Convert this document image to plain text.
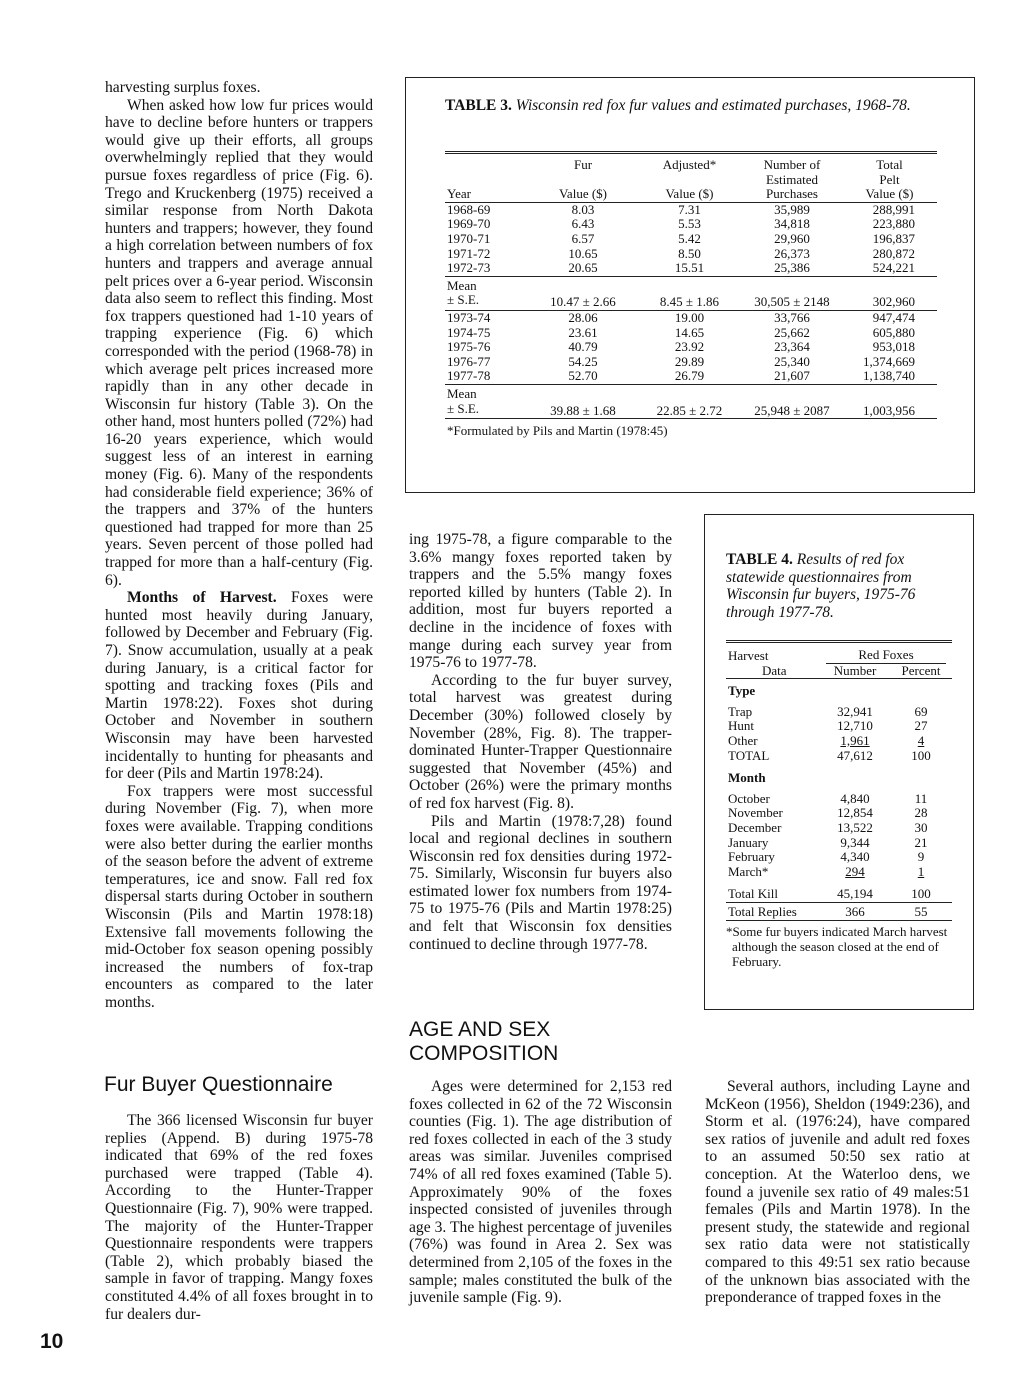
harvesting surplus foxes.

When asked how low fur prices would have to decline before hunters or trappers would give up their efforts, all groups overwhelmingly replied that they would pursue foxes regardless of price (Fig. 6). Trego and Kruckenberg (1975) received a similar response from North Dakota hunters and trappers; however, they found a high correlation between numbers of fox hunters and trappers and average annual pelt prices over a 6-year period. Wisconsin data also seem to reflect this finding. Most fox trappers questioned had 1-10 years of trapping experience (Fig. 6) which corresponded with the period (1968-78) in which average pelt prices increased more rapidly than in any other decade in Wisconsin fur history (Table 3). On the other hand, most hunters polled (72%) had 16-20 years experience, which would suggest less of an interest in earning money (Fig. 6). Many of the respondents had considerable field experience; 36% of the trappers and 37% of the hunters questioned had trapped for more than 25 years. Seven percent of those polled had trapped for more than a half-century (Fig. 6).

Months of Harvest. Foxes were hunted most heavily during January, followed by December and February (Fig. 7). Snow accumulation, usually at a peak during January, is a critical factor for spotting and tracking foxes (Pils and Martin 1978:22). Foxes shot during October and November in southern Wisconsin may have been harvested incidentally to hunting for pheasants and for deer (Pils and Martin 1978:24).

Fox trappers were most successful during November (Fig. 7), when more foxes were available. Trapping conditions were also better during the earlier months of the season before the advent of extreme temperatures, ice and snow. Fall red fox dispersal starts during October in southern Wisconsin (Pils and Martin 1978:18) Extensive fall movements following the mid-October fox season opening possibly increased the numbers of fox-trap encounters as compared to the later months.

Fur Buyer Questionnaire

The 366 licensed Wisconsin fur buyer replies (Append. B) during 1975-78 indicated that 69% of the red foxes purchased were trapped (Table 4). According to the Hunter-Trapper Questionnaire (Fig. 7), 90% were trapped. The majority of the Hunter-Trapper Questionnaire respondents were trappers (Table 2), which probably biased the sample in favor of trapping. Mangy foxes constituted 4.4% of all foxes brought in to fur dealers dur-

10
TABLE 3. Wisconsin red fox fur values and estimated purchases, 1968-78.
	Fur	Adjusted*	Number of	Total
			Estimated	Pelt
Year	Value ($)	Value ($)	Purchases	Value ($)
1968-69	8.03	7.31	35,989	288,991
1969-70	6.43	5.53	34,818	223,880
1970-71	6.57	5.42	29,960	196,837
1971-72	10.65	8.50	26,373	280,872
1972-73	20.65	15.51	25,386	524,221
Mean				
± S.E.	10.47 ± 2.66	8.45 ± 1.86	30,505 ± 2148	302,960
1973-74	28.06	19.00	33,766	947,474
1974-75	23.61	14.65	25,662	605,880
1975-76	40.79	23.92	23,364	953,018
1976-77	54.25	29.89	25,340	1,374,669
1977-78	52.70	26.79	21,607	1,138,740
Mean				
± S.E.	39.88 ± 1.68	22.85 ± 2.72	25,948 ± 2087	1,003,956
*Formulated by Pils and Martin (1978:45)				

ing 1975-78, a figure comparable to the 3.6% mangy foxes reported taken by trappers and the 5.5% mangy foxes reported killed by hunters (Table 2). In addition, most fur buyers reported a decline in the incidence of foxes with mange during each survey year from 1975-76 to 1977-78.

According to the fur buyer survey, total harvest was greatest during December (30%) followed closely by November (28%, Fig. 8). The trapper-dominated Hunter-Trapper Questionnaire suggested that November (45%) and October (26%) were the primary months of red fox harvest (Fig. 8).

Pils and Martin (1978:7,28) found local and regional declines in southern Wisconsin red fox densities during 1972-75. Similarly, Wisconsin fur buyers also estimated lower fox numbers from 1974-75 to 1975-76 (Pils and Martin 1978:25) and felt that Wisconsin fox densities continued to decline through 1977-78.

AGE AND SEX
COMPOSITION

Ages were determined for 2,153 red foxes collected in 62 of the 72 Wisconsin counties (Fig. 1). The age distribution of red foxes collected in each of the 3 study areas was similar. Juveniles comprised 74% of all red foxes examined (Table 5). Approximately 90% of the foxes inspected consisted of juveniles through age 3. The highest percentage of juveniles (76%) was found in Area 2. Sex was determined from 2,105 of the foxes in the sample; males constituted the bulk of the juvenile sample (Fig. 9).

TABLE 4. Results of red fox statewide questionnaires from Wisconsin fur buyers, 1975-76 through 1977-78.
Harvest	Red Foxes	
Data	Number	Percent
Type		
Trap	32,941	69
Hunt	12,710	27
Other	1,961	4
TOTAL	47,612	100
Month		
October	4,840	11
November	12,854	28
December	13,522	30
January	9,344	21
February	4,340	9
March*	294	1
Total Kill	45,194	100
Total Replies	366	55
*Some fur buyers indicated March harvest although the season closed at the end of February.		

Several authors, including Layne and McKeon (1956), Sheldon (1949:236), and Storm et al. (1976:24), have compared sex ratios of juvenile and adult red foxes to an assumed 50:50 sex ratio at conception. At the Waterloo dens, we found a juvenile sex ratio of 49 males:51 females (Pils and Martin 1978). In the present study, the statewide and regional sex ratio data were not statistically compared to this 49:51 sex ratio because of the unknown bias associated with the preponderance of trapped foxes in the
